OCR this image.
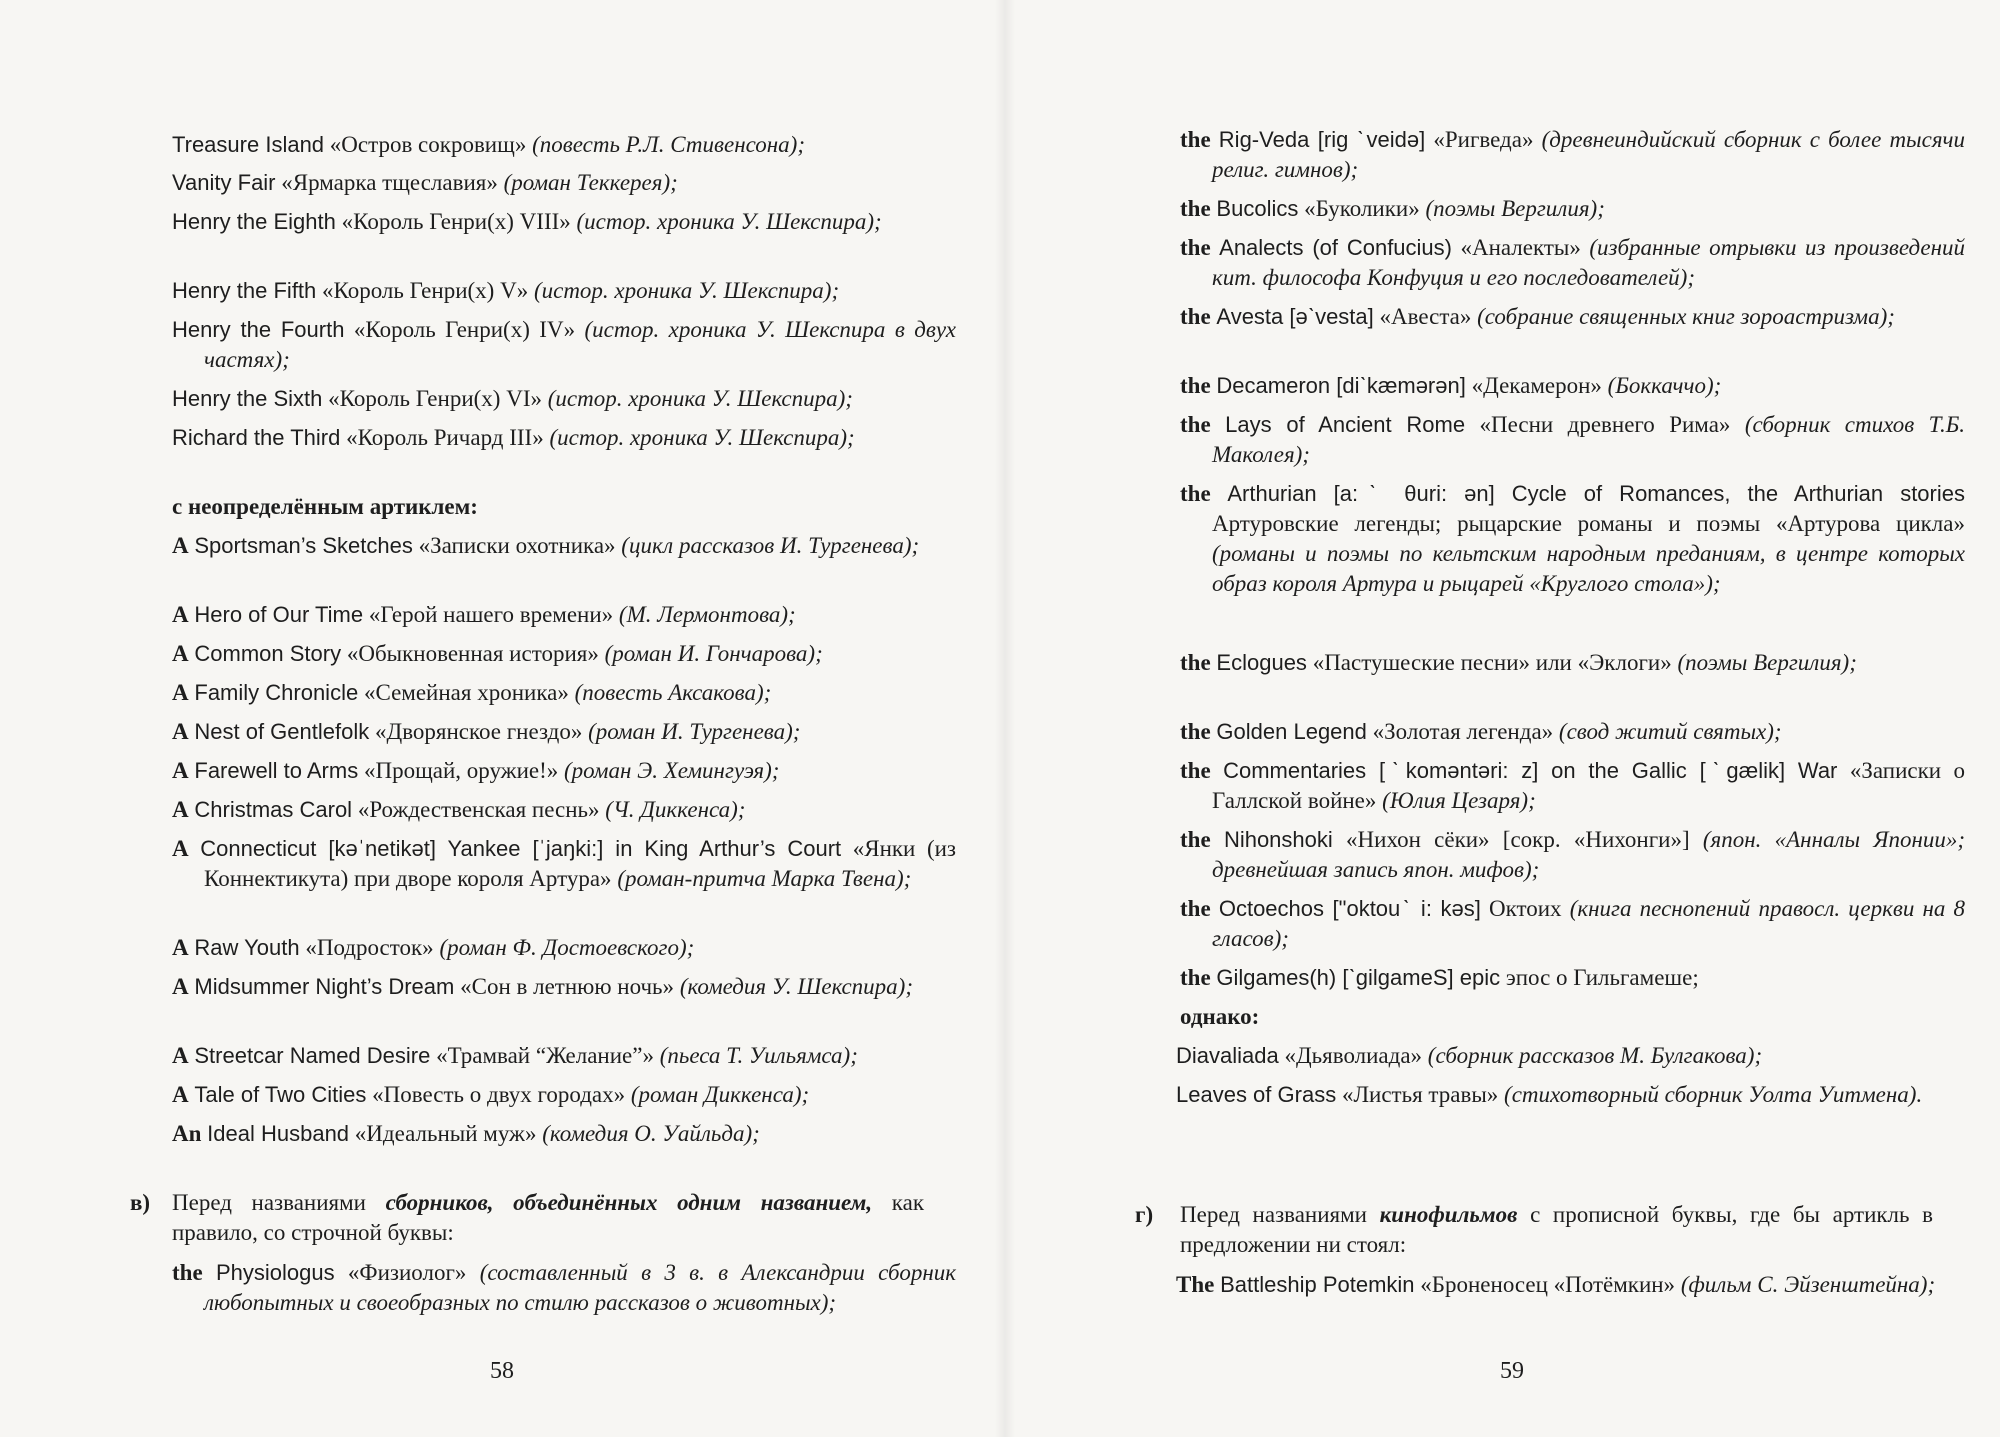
Treasure Island «Остров сокровищ» (повесть Р.Л. Стивенсона);

Vanity Fair «Ярмарка тщеславия» (роман Теккерея);

Henry the Eighth «Король Генри(х) VIII» (истор. хроника У. Шекспира);

Henry the Fifth «Король Генри(х) V» (истор. хроника У. Шекспира);

Henry the Fourth «Король Генри(х) IV» (истор. хроника У. Шекспира в двух частях);

Henry the Sixth «Король Генри(х) VI» (истор. хроника У. Шекспира);

Richard the Third «Король Ричард III» (истор. хроника У. Шекспира);

с неопределённым артиклем:

A Sportsman’s Sketches «Записки охотника» (цикл рассказов И. Тургенева);

A Hero of Our Time «Герой нашего времени» (М. Лермонтова);

A Common Story «Обыкновенная история» (роман И. Гончарова);

A Family Chronicle «Семейная хроника» (повесть Аксакова);

A Nest of Gentlefolk «Дворянское гнездо» (роман И. Тургенева);

A Farewell to Arms «Прощай, оружие!» (роман Э. Хемингуэя);

A Christmas Carol «Рождественская песнь» (Ч. Диккенса);

A Connecticut [kəˈnetikət] Yankee [ˈjaŋki:] in King Arthur’s Court «Янки (из Коннектикута) при дворе короля Артура» (роман-притча Марка Твена);

A Raw Youth «Подросток» (роман Ф. Достоевского);

A Midsummer Night’s Dream «Сон в летнюю ночь» (комедия У. Шекспира);

A Streetcar Named Desire «Трамвай “Желание”» (пьеса Т. Уильямса);

A Tale of Two Cities «Повесть о двух городах» (роман Диккенса);

An Ideal Husband «Идеальный муж» (комедия О. Уайльда);

в) Перед названиями сборников, объединённых одним названием, как правило, со строчной буквы:

the Physiologus «Физиолог» (составленный в 3 в. в Александрии сборник любопытных и своеобразных по стилю рассказов о животных);

58

the Rig-Veda [rig ˋveidə] «Ригведа» (древнеиндийский сборник с более тысячи религ. гимнов);

the Bucolics «Буколики» (поэмы Вергилия);

the Analects (of Confucius) «Аналекты» (избранные отрывки из произведений кит. философа Конфуция и его последователей);

the Avesta [əˋvesta] «Авеста» (собрание священных книг зороастризма);

the Decameron [diˋkæmərən] «Декамерон» (Боккаччо);

the Lays of Ancient Rome «Песни древнего Рима» (сборник стихов Т.Б. Маколея);

the Arthurian [a:ˋ θuri: ən] Cycle of Romances, the Arthurian stories Артуровские легенды; рыцарские романы и поэмы «Артурова цикла» (романы и поэмы по кельтским народным преданиям, в центре которых образ короля Артура и рыцарей «Круглого стола»);

the Eclogues «Пастушеские песни» или «Эклоги» (поэмы Вергилия);

the Golden Legend «Золотая легенда» (свод житий святых);

the Commentaries [ˋkoməntəri: z] on the Gallic [ˋgælik] War «Записки о Галлской войне» (Юлия Цезаря);

the Nihonshoki «Нихон сёки» [сокр. «Нихонги»] (япон. «Анналы Японии»; древнейшая запись япон. мифов);

the Octoechos ["oktouˋ i: kəs] Октоих (книга песнопений правосл. церкви на 8 гласов);

the Gilgames(h) [ˋgilgameS] epic эпос о Гильгамеше;

однако:

Diavaliada «Дьяволиада» (сборник рассказов М. Булгакова);

Leaves of Grass «Листья травы» (стихотворный сборник Уолта Уитмена).

г) Перед названиями кинофильмов с прописной буквы, где бы артикль в предложении ни стоял:

The Battleship Potemkin «Броненосец «Потёмкин» (фильм С. Эйзенштейна);

59
